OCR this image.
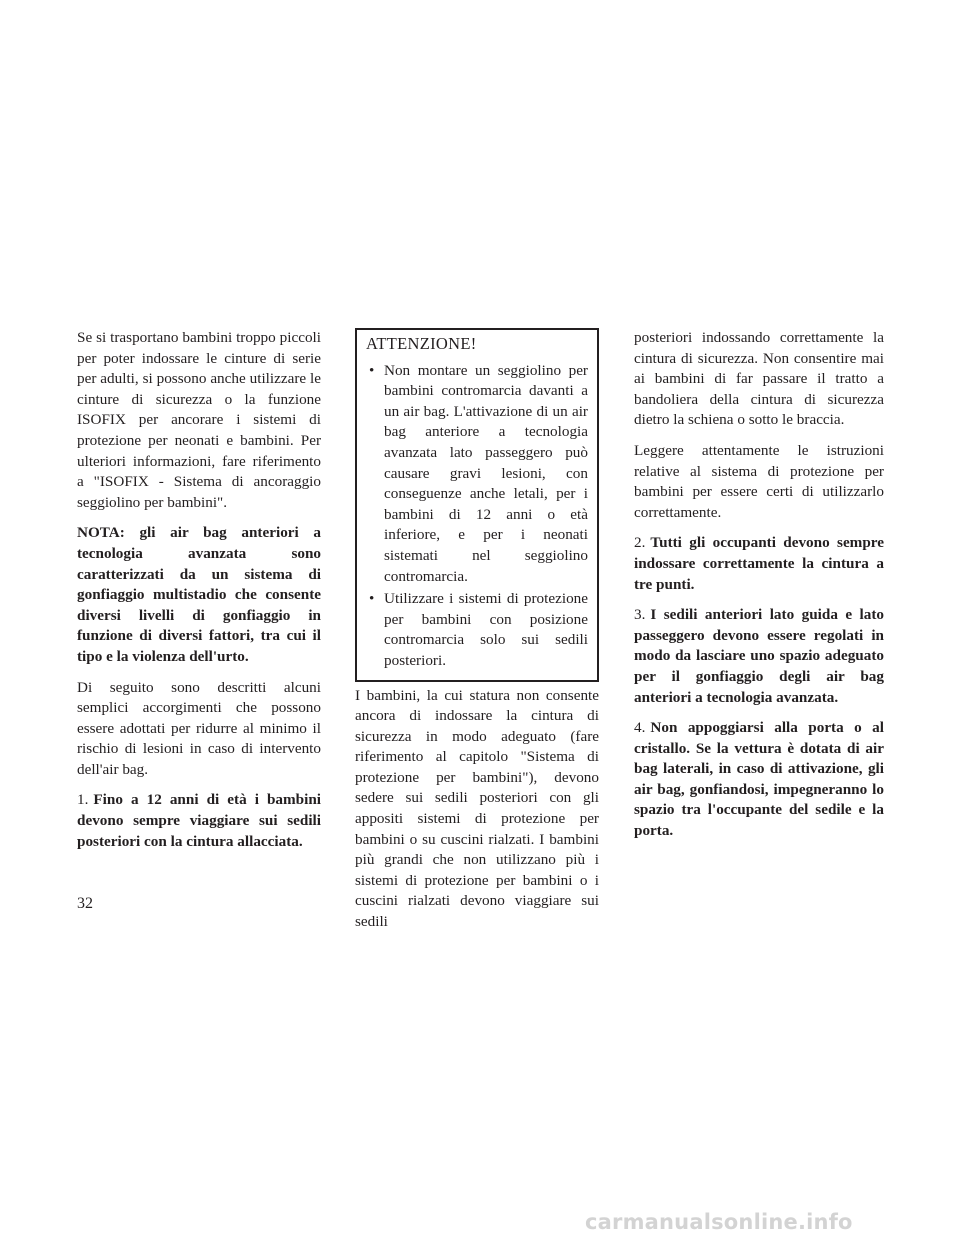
Se si trasportano bambini troppo piccoli per poter indossare le cinture di serie per adulti, si possono anche utilizzare le cinture di sicurezza o la funzione ISOFIX per ancorare i sistemi di protezione per neonati e bambini. Per ulteriori informazioni, fare riferimento a "ISOFIX - Sistema di ancoraggio seggiolino per bambini".

NOTA: gli air bag anteriori a tecnologia avanzata sono caratterizzati da un sistema di gonfiaggio multistadio che consente diversi livelli di gonfiaggio in funzione di diversi fattori, tra cui il tipo e la violenza dell'urto.

Di seguito sono descritti alcuni semplici accorgimenti che possono essere adottati per ridurre al minimo il rischio di lesioni in caso di intervento dell'air bag.

1. Fino a 12 anni di età i bambini devono sempre viaggiare sui sedili posteriori con la cintura allacciata.

ATTENZIONE!
• Non montare un seggiolino per bambini contromarcia davanti a un air bag. L'attivazione di un air bag anteriore a tecnologia avanzata lato passeggero può causare gravi lesioni, con conseguenze anche letali, per i bambini di 12 anni o età inferiore, e per i neonati sistemati nel seggiolino contromarcia.
• Utilizzare i sistemi di protezione per bambini con posizione contromarcia solo sui sedili posteriori.

I bambini, la cui statura non consente ancora di indossare la cintura di sicurezza in modo adeguato (fare riferimento al capitolo "Sistema di protezione per bambini"), devono sedere sui sedili posteriori con gli appositi sistemi di protezione per bambini o su cuscini rialzati. I bambini più grandi che non utilizzano più i sistemi di protezione per bambini o i cuscini rialzati devono viaggiare sui sedili

posteriori indossando correttamente la cintura di sicurezza. Non consentire mai ai bambini di far passare il tratto a bandoliera della cintura di sicurezza dietro la schiena o sotto le braccia.

Leggere attentamente le istruzioni relative al sistema di protezione per bambini per essere certi di utilizzarlo correttamente.

2. Tutti gli occupanti devono sempre indossare correttamente la cintura a tre punti.

3. I sedili anteriori lato guida e lato passeggero devono essere regolati in modo da lasciare uno spazio adeguato per il gonfiaggio degli air bag anteriori a tecnologia avanzata.

4. Non appoggiarsi alla porta o al cristallo. Se la vettura è dotata di air bag laterali, in caso di attivazione, gli air bag, gonfiandosi, impegneranno lo spazio tra l'occupante del sedile e la porta.

32
carmanualsonline.info
